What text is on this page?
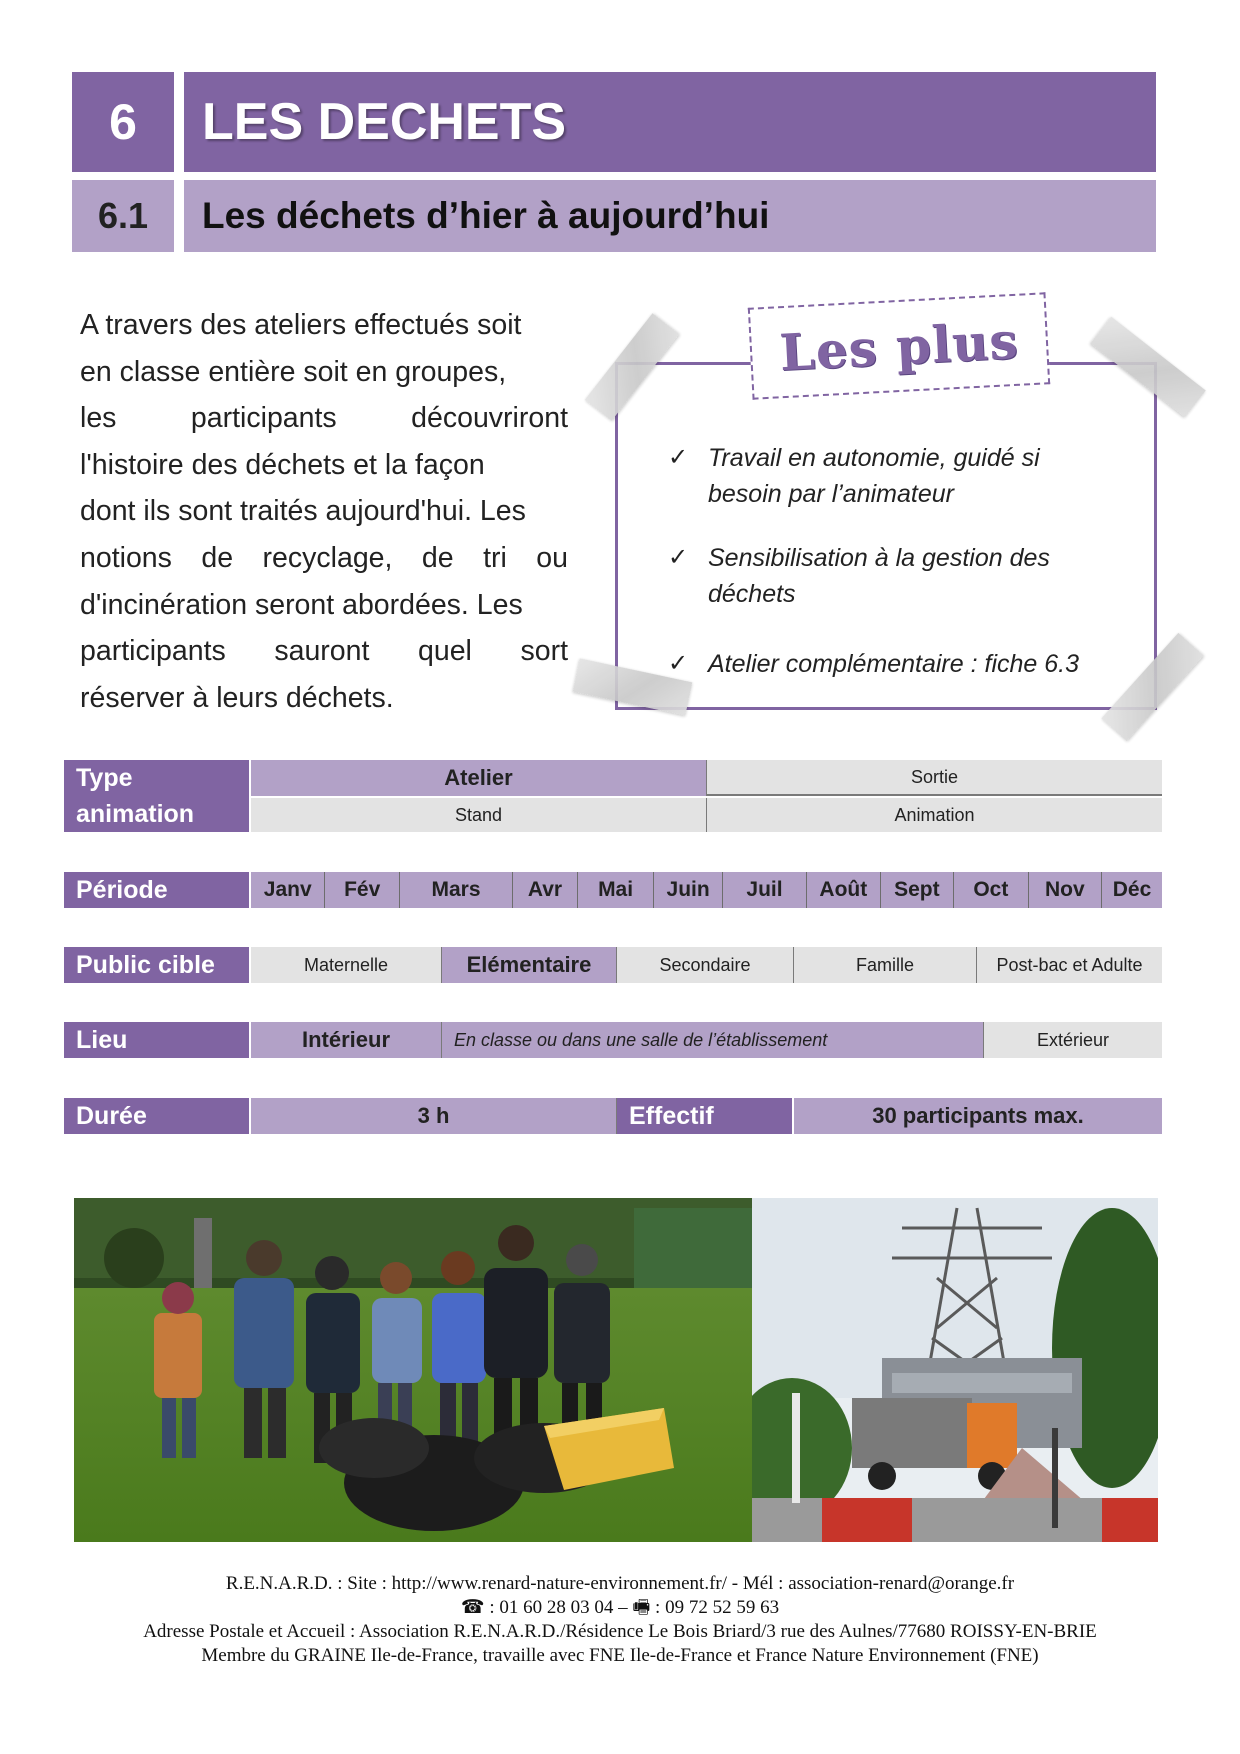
6	LES DECHETS
6.1	Les déchets d’hier à aujourd’hui

A travers des ateliers effectués soit

en classe entière soit en groupes,

les participants découvriront

l'histoire des déchets et la façon

dont ils sont traités aujourd'hui. Les

notions de recyclage, de tri ou

d'incinération seront abordées. Les

participants sauront quel sort

réserver à leurs déchets.

Les plus
✓ Travail en autonomie, guidé si
besoin par l’animateur
✓ Sensibilisation à la gestion des
déchets
✓ Atelier complémentaire : fiche 6.3
Type
animation
Atelier	Sortie
Stand	Animation
Période	Janv	Fév	Mars	Avr	Mai	Juin	Juil	Août	Sept	Oct	Nov	Déc
Public cible	Maternelle	Elémentaire	Secondaire	Famille	Post-bac et Adulte
Lieu	Intérieur	En classe ou dans une salle de l’établissement	Extérieur
Durée	3 h	Effectif	30 participants max.
R.E.N.A.R.D. : Site : http://www.renard-nature-environnement.fr/ - Mél : association-renard@orange.fr
☎ : 01 60 28 03 04 – 🖷 : 09 72 52 59 63
Adresse Postale et Accueil : Association R.E.N.A.R.D./Résidence Le Bois Briard/3 rue des Aulnes/77680 ROISSY-EN-BRIE
Membre du GRAINE Ile-de-France, travaille avec FNE Ile-de-France et France Nature Environnement (FNE)
